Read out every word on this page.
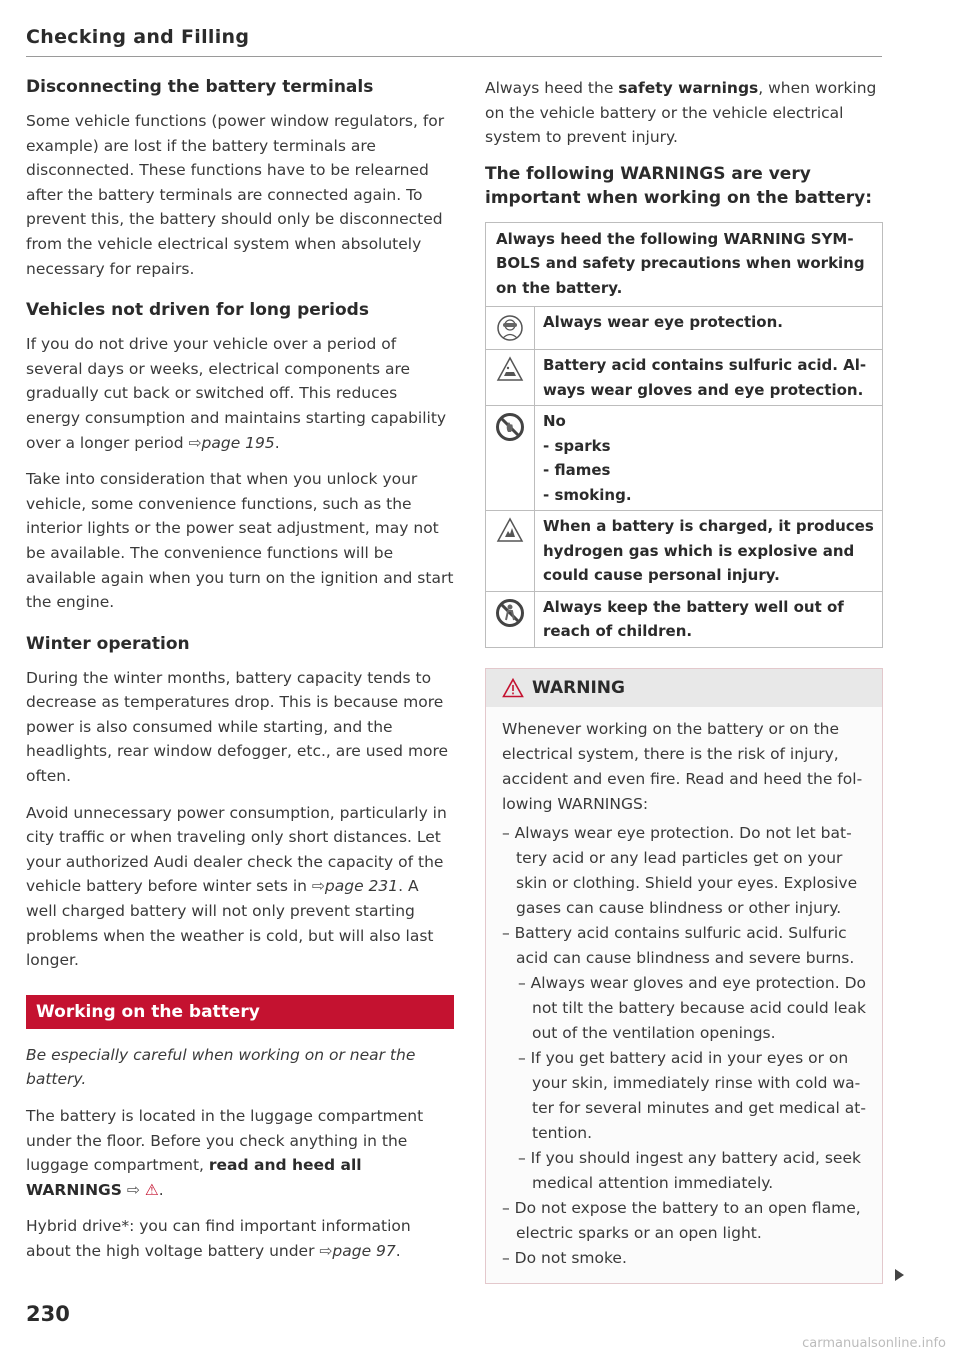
Checking and Filling
Disconnecting the battery terminals

Some vehicle functions (power window regulators, for example) are lost if the battery terminals are disconnected. These functions have to be relearned after the battery terminals are connected again. To prevent this, the battery should only be disconnected from the vehicle electrical system when absolutely necessary for repairs.

Vehicles not driven for long periods

If you do not drive your vehicle over a period of several days or weeks, electrical components are gradually cut back or switched off. This reduces energy consumption and maintains starting capability over a longer period ⇨page 195.

Take into consideration that when you unlock your vehicle, some convenience functions, such as the interior lights or the power seat adjustment, may not be available. The convenience functions will be available again when you turn on the ignition and start the engine.

Winter operation

During the winter months, battery capacity tends to decrease as temperatures drop. This is because more power is also consumed while starting, and the headlights, rear window defogger, etc., are used more often.

Avoid unnecessary power consumption, particularly in city traffic or when traveling only short distances. Let your authorized Audi dealer check the capacity of the vehicle battery before winter sets in ⇨page 231. A well charged battery will not only prevent starting problems when the weather is cold, but will also last longer.

Working on the battery

Be especially careful when working on or near the battery.

The battery is located in the luggage compartment under the floor. Before you check anything in the luggage compartment, read and heed all WARNINGS ⇨ ⚠.

Hybrid drive*: you can find important information about the high voltage battery under ⇨page 97.

Always heed the safety warnings, when working on the vehicle battery or the vehicle electrical system to prevent injury.

The following WARNINGS are very important when working on the battery:
Always heed the following WARNING SYMBOLS and safety precautions when working on the battery.	

	Always wear eye protection.

	Battery acid contains sulfuric acid. Always wear gloves and eye protection.

No
- sparks
- flames
- smoking.

	When a battery is charged, it produces hydrogen gas which is explosive and could cause personal injury.

	Always keep the battery well out of reach of children.
WARNING

Whenever working on the battery or on the electrical system, there is the risk of injury, accident and even fire. Read and heed the following WARNINGS:

– Always wear eye protection. Do not let battery acid or any lead particles get on your skin or clothing. Shield your eyes. Explosive gases can cause blindness or other injury.
– Battery acid contains sulfuric acid. Sulfuric acid can cause blindness and severe burns.
– Always wear gloves and eye protection. Do not tilt the battery because acid could leak out of the ventilation openings.
– If you get battery acid in your eyes or on your skin, immediately rinse with cold water for several minutes and get medical attention.
– If you should ingest any battery acid, seek medical attention immediately.
– Do not expose the battery to an open flame, electric sparks or an open light.
– Do not smoke.
230
carmanualsonline.info
